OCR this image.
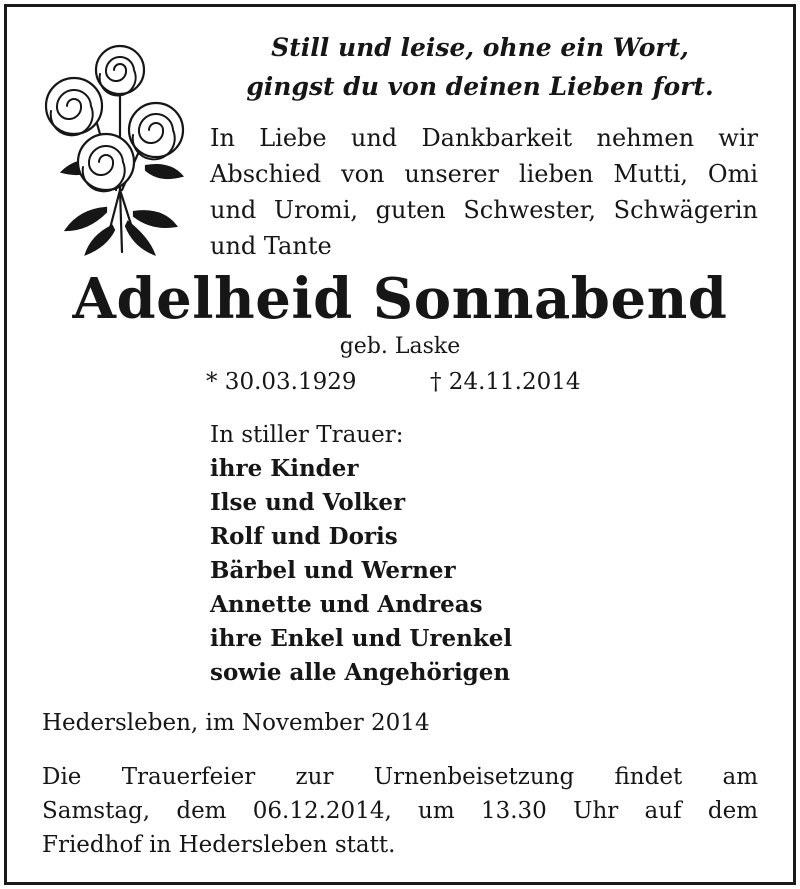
Still und leise, ohne ein Wort,
gingst du von deinen Lieben fort.
In Liebe und Dankbarkeit nehmen wir
Abschied von unserer lieben Mutti, Omi
und Uromi, guten Schwester, Schwägerin
und Tante
Adelheid Sonnabend
geb. Laske
* 30.03.1929	† 24.11.2014
In stiller Trauer:
ihre Kinder
Ilse und Volker
Rolf und Doris
Bärbel und Werner
Annette und Andreas
ihre Enkel und Urenkel
sowie alle Angehörigen
Hedersleben, im November 2014
Die Trauerfeier zur Urnenbeisetzung findet am
Samstag, dem 06.12.2014, um 13.30 Uhr auf dem
Friedhof in Hedersleben statt.
